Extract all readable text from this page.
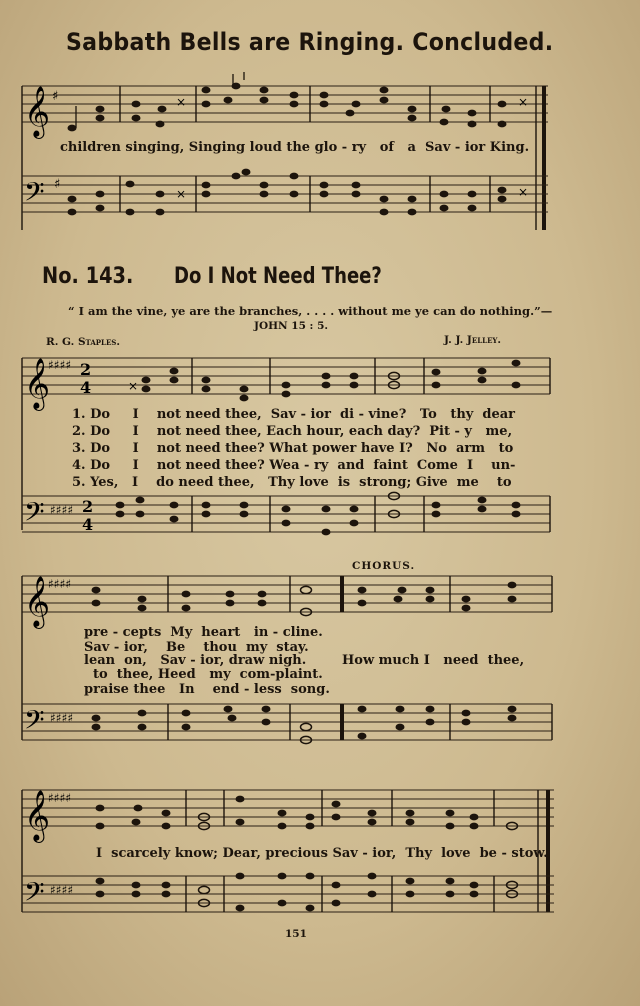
Sabbath Bells are Ringing. Concluded.
𝄞 ♯	×	×
𝄢 ♯
×	×
𝄞
♯♯♯♯ 2
4	×
𝄢 ♯♯♯♯ 2
4
𝄞
♯♯♯♯
𝄢 ♯♯♯♯
𝄞
♯♯♯♯
𝄢 ♯♯♯♯
children singing, Singing loud the glo - ry   of   a  Sav - ior King.
No. 143. Do I Not Need Thee?
“ I am the vine, ye are the branches, . . . . without me ye can do nothing.”—
JOHN 15 : 5.
R. G. Staples.	J. J. Jelley.
1. Do     I    not need thee,  Sav - ior  di - vine?   To   thy  dear
2. Do     I    not need thee, Each hour, each day?  Pit - y   me,
3. Do     I    not need thee? What power have I?   No  arm   to
4. Do     I    not need thee? Wea - ry  and  faint  Come  I    un-
5. Yes,   I    do need thee,   Thy love  is  strong; Give  me    to
CHORUS.
pre - cepts  My  heart   in - cline.
Sav - ior,    Be    thou  my  stay.
lean  on,   Sav - ior, draw nigh.
to  thee, Heed   my  com-plaint.
praise thee   In    end - less  song.
How much I   need  thee,
I  scarcely know; Dear, precious Sav - ior,  Thy  love  be - stow.
151
